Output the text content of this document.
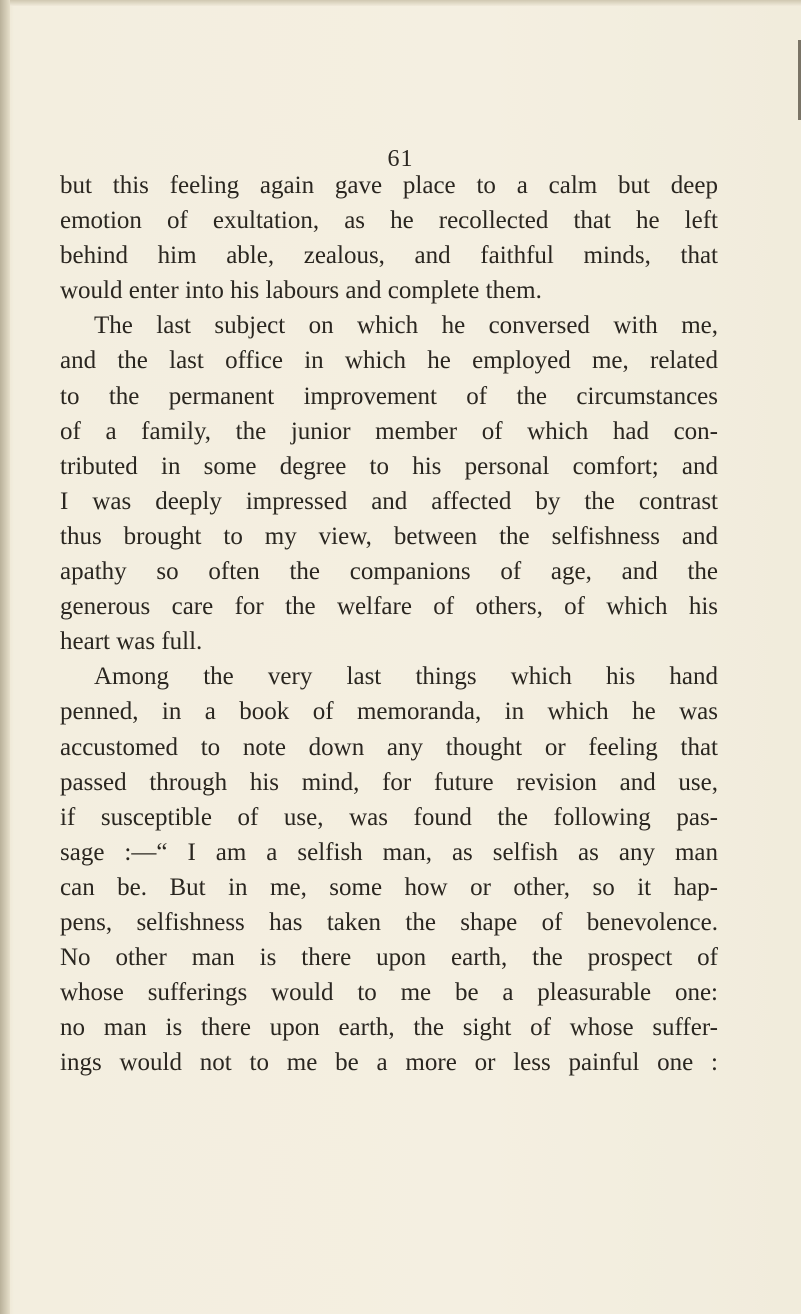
61
but this feeling again gave place to a calm but deep
emotion of exultation, as he recollected that he left
behind him able, zealous, and faithful minds, that
would enter into his labours and complete them.
The last subject on which he conversed with me,
and the last office in which he employed me, related
to the permanent improvement of the circumstances
of a family, the junior member of which had con-
tributed in some degree to his personal comfort; and
I was deeply impressed and affected by the contrast
thus brought to my view, between the selfishness and
apathy so often the companions of age, and the
generous care for the welfare of others, of which his
heart was full.
Among the very last things which his hand
penned, in a book of memoranda, in which he was
accustomed to note down any thought or feeling that
passed through his mind, for future revision and use,
if susceptible of use, was found the following pas-
sage :—“ I am a selfish man, as selfish as any man
can be. But in me, some how or other, so it hap-
pens, selfishness has taken the shape of benevolence.
No other man is there upon earth, the prospect of
whose sufferings would to me be a pleasurable one:
no man is there upon earth, the sight of whose suffer-
ings would not to me be a more or less painful one :
